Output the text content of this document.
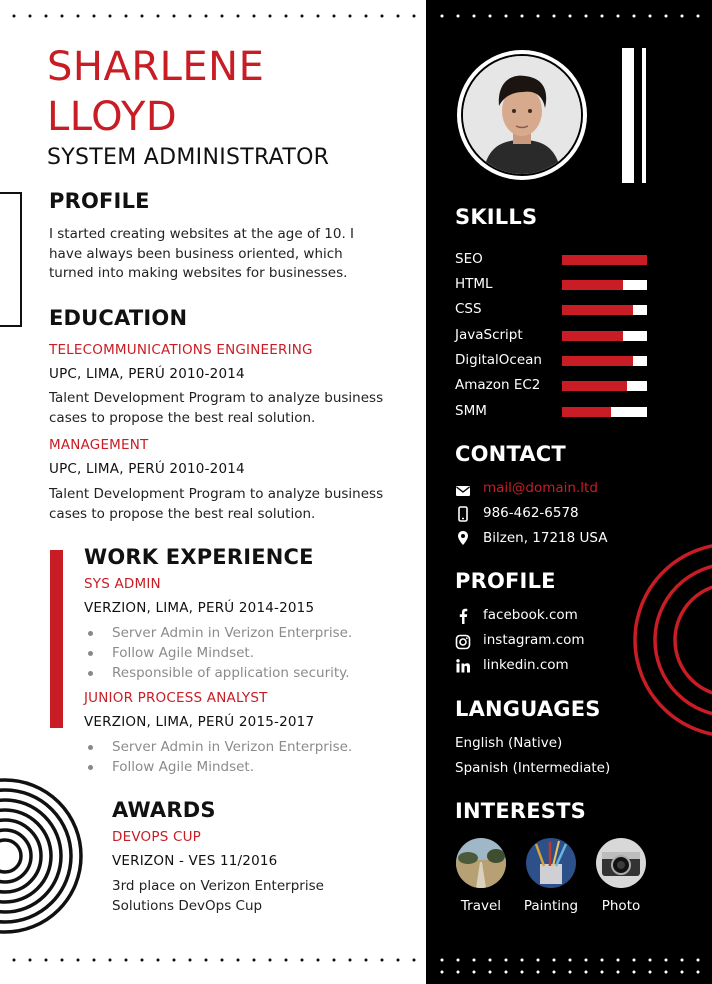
SHARLENE
LLOYD
SYSTEM ADMINISTRATOR
PROFILE
I started creating websites at the age of 10. I have always been business oriented, which turned into making websites for businesses.
EDUCATION
TELECOMMUNICATIONS ENGINEERING
UPC, LIMA, PERÚ 2010-2014
Talent Development Program to analyze business cases to propose the best real solution.
MANAGEMENT
UPC, LIMA, PERÚ 2010-2014
Talent Development Program to analyze business cases to propose the best real solution.
WORK EXPERIENCE
SYS ADMIN
VERZION, LIMA, PERÚ 2014-2015
Server Admin in Verizon Enterprise.
Follow Agile Mindset.
Responsible of application security.
JUNIOR PROCESS ANALYST
VERZION, LIMA, PERÚ 2015-2017
Server Admin in Verizon Enterprise.
Follow Agile Mindset.
AWARDS
DEVOPS CUP
VERIZON - VES 11/2016
3rd place on Verizon Enterprise Solutions DevOps Cup
SKILLS
SEO
HTML
CSS
JavaScript
DigitalOcean
Amazon EC2
SMM
CONTACT
mail@domain.ltd
986-462-6578
Bilzen, 17218 USA
PROFILE
facebook.com
instagram.com
linkedin.com
LANGUAGES
English (Native)
Spanish (Intermediate)
INTERESTS
Travel	Painting	Photo
